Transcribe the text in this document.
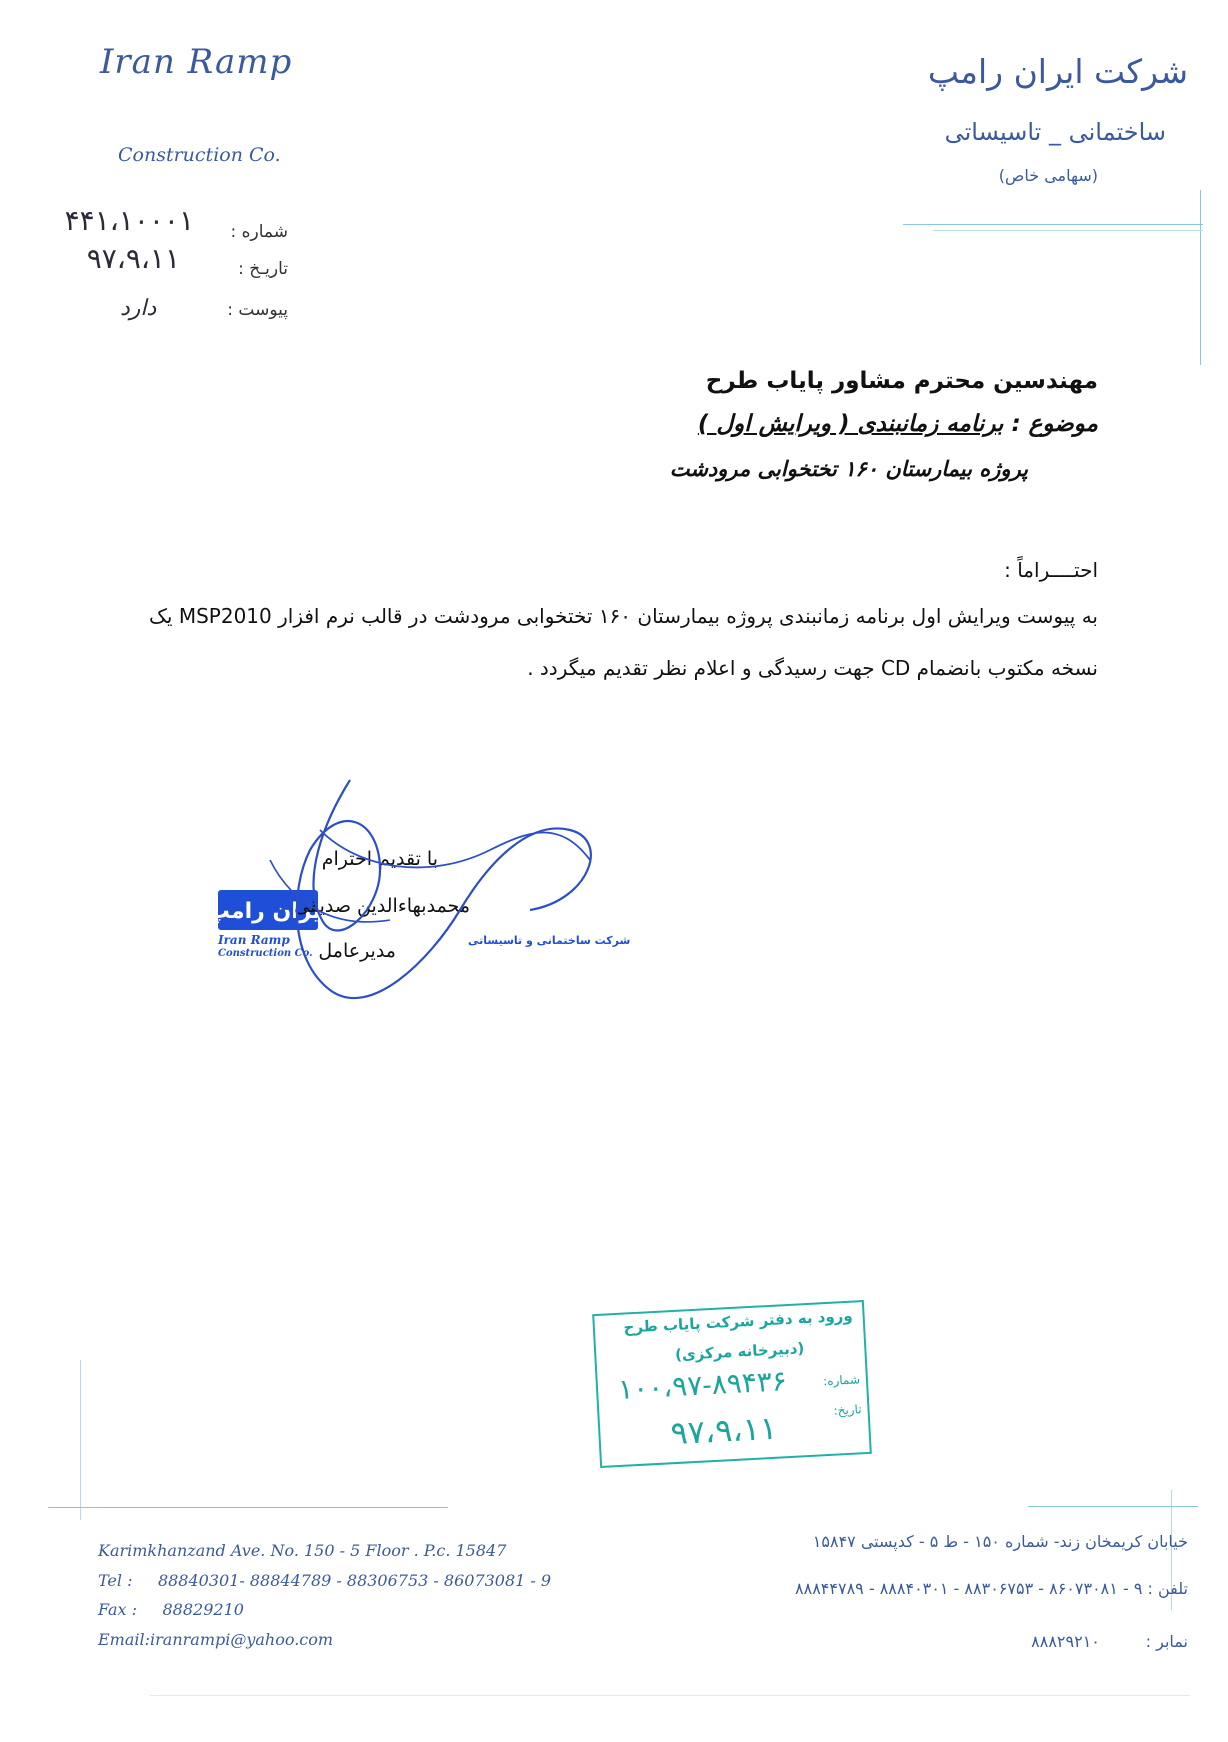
Iran Ramp
Construction Co.
شرکت ایران رامپ
ساختمانی _ تاسیساتی
(سهامی خاص)
شماره :
۴۴۱،۱۰۰۰۱
تاریـخ :
۹۷،۹،۱۱
پیوست :
دارد
مهندسین محترم مشاور پایاب طرح
موضوع : برنامه زمانبندی ( ویرایش اول )
پروژه بیمارستان ۱۶۰ تختخوابی مرودشت
احتــــراماً :
به پیوست ویرایش اول برنامه زمانبندی پروژه بیمارستان ۱۶۰ تختخوابی مرودشت در قالب نرم افزار MSP2010 یک نسخه مکتوب بانضمام CD جهت رسیدگی و اعلام نظر تقدیم میگردد .
با تقدیم احترام
ایران رامپ
Iran Ramp
Construction Co.
شرکت ساختمانی و تاسیساتی
محمدبهاءالدین صدیقی
مدیرعامل
ورود به دفتر شرکت پایاب طرح
(دبیرخانه مرکزی)
شماره:
۱۰۰،۹۷-۸۹۴۳۶
تاریخ:
۹۷،۹،۱۱
Karimkhanzand Ave. No. 150 - 5 Floor . P.c. 15847
Tel : 88840301- 88844789 - 88306753 - 86073081 - 9
Fax : 88829210
Email:iranrampi@yahoo.com
خیابان کریمخان زند- شماره ۱۵۰ - ط ۵ - کدپستی ۱۵۸۴۷
تلفن : ۹ - ۸۶۰۷۳۰۸۱ - ۸۸۳۰۶۷۵۳ - ۸۸۸۴۰۳۰۱ - ۸۸۸۴۴۷۸۹
نمابر :         ۸۸۸۲۹۲۱۰
